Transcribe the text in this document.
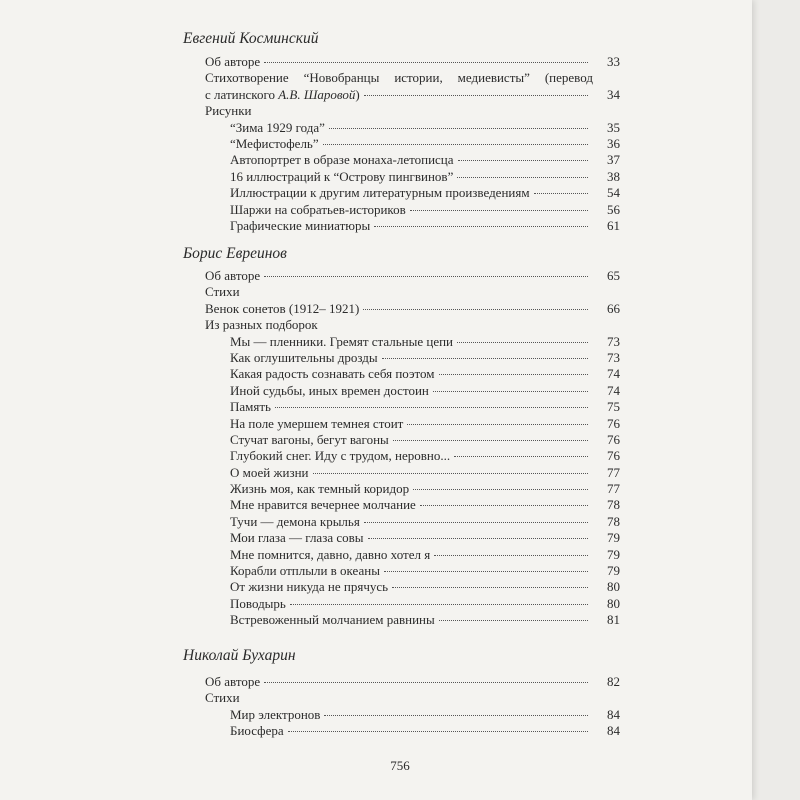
Евгений Косминский
Об авторе	33
Стихотворение “Новобранцы истории, медиевисты” (перевод
с латинского А.В. Шаровой)	34
Рисунки
“Зима 1929 года”	35
“Мефистофель”	36
Автопортрет в образе монаха-летописца	37
16 иллюстраций к “Острову пингвинов”	38
Иллюстрации к другим литературным произведениям	54
Шаржи на собратьев-историков	56
Графические миниатюры	61
Борис Евреинов
Об авторе	65
Стихи
Венок сонетов (1912– 1921)	66
Из разных подборок
Мы — пленники. Гремят стальные цепи	73
Как оглушительны дрозды	73
Какая радость сознавать себя поэтом	74
Иной судьбы, иных времен достоин	74
Память	75
На поле умершем темнея стоит	76
Стучат вагоны, бегут вагоны	76
Глубокий снег. Иду с трудом, неровно...	76
О моей жизни	77
Жизнь моя, как темный коридор	77
Мне нравится вечернее молчание	78
Тучи — демона крылья	78
Мои глаза — глаза совы	79
Мне помнится, давно, давно хотел я	79
Корабли отплыли в океаны	79
От жизни никуда не прячусь	80
Поводырь	80
Встревоженный молчанием равнины	81
Николай Бухарин
Об авторе	82
Стихи
Мир электронов	84
Биосфера	84
756
